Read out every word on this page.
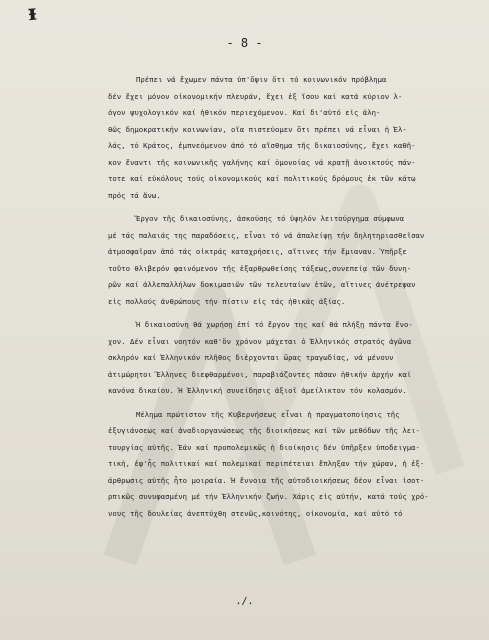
ᵻ
- 8 -
Πρέπει νά ἔχωμεν πάντα ὑπ'ὄψιν ὅτι τό κοινωνικόν πρόβλημα
δέν ἔχει μόνον οἰκονομικήν πλευράν, ἔχει ἐξ ἴσου καί κατά κύριον λ-
όγον ψυχολογικόν καί ἠθικόν περιεχόμενον. Καί δι'αὐτό εἰς ἀλη-
θῶς δημοκρατικήν κοινωνίαν, οἵα πιστεύομεν ὅτι πρέπει νά εἶναι ἡ Ἑλ-
λάς, τό Κράτος, ἐμπνεόμενον ἀπό τό αἴσθημα τῆς δικαιοσύνης, ἔχει καθῆ-
κον ἔναντι τῆς κοινωνικῆς γαλήνης καί ὁμονοίας νά κρατῇ ἀνοικτούς πάν-
τοτε καί εὐκόλους τούς οἰκονομικούς καί πολιτικούς δρόμους ἐκ τῶν κάτω
πρός τά ἄνω.
Ἔργον τῆς δικαιοσύνης, ἀσκούσης τό ὑψηλόν λειτούργημα σύμφωνα
μέ τάς παλαιάς της παραδόσεις, εἶναι τό νά ἀπαλείψῃ τήν δηλητηριασθεῖσαν
ἀτμοσφαῖραν ἀπό τάς οἰκτράς καταχρήσεις, αἵτινες τήν ἔμιαναν. Ὑπῆρξε
τοῦτο θλιβερόν φαινόμενον τῆς ἐξαρθρωθείσης τάξεως,συνεπείᾳ τῶν δυνη-
ρῶν καί ἀλλεπαλλήλων δοκιμασιῶν τῶν τελευταίων ἐτῶν, αἵτινες ἀνέτρεψαν
εἰς πολλούς ἀνθρώπους τήν πίστιν εἰς τάς ἠθικάς ἀξίας.
Ἡ δικαιοσύνη θά χωρήσῃ ἐπί τό ἔργον της καί θά πλήξῃ πάντα ἔνο-
χον. Δέν εἶναι νοητόν καθ'ὅν χρόνον μάχεται ὁ Ἑλληνικός στρατός ἀγῶνα
σκληρόν καί Ἑλληνικόν πλῆθος διέρχονται ὥρας τραγωδίας, νά μένουν
ἀτιμώρητοι Ἕλληνες διεφθαρμένοι, παραβιάζοντες πᾶσαν ἠθικήν ἀρχήν καί
κανόνα δικαίου. Ἡ Ἑλληνική συνείδησις ἀξιοῖ ἀμείλικτον τόν κολασμόν.
Μέλημα πρώτιστον τῆς Κυβερνήσεως εἶναι ἡ πραγματοποίησις τῆς
ἐξυγιάνσεως καί ἀναδιοργανώσεως τῆς διοικήσεως καί τῶν μεθόδων τῆς λει-
τουργίας αὐτῆς. Ἐάν καί προπολεμικῶς ἡ διοίκησις δέν ὑπῆρξεν ὑποδειγμα-
τική, ἐφ'ἧς πολιτικαί καί πολεμικαί περιπέτειαι ἔπληξαν τήν χώραν, ἡ ἐξ-
άρθρωσις αὐτῆς ἦτο μοιραία. Ἡ ἔννοια τῆς αὐτοδιοικήσεως δέον εἶναι ἰσοτ-
ρπικῶς συνυφασμένη μέ τήν Ἑλληνικήν ζωήν. Χάρις εἰς αὐτήν, κατά τούς χρό-
νους τῆς δουλείας ἀνεπτύχθη στενῶς,κοινότης, οἰκονομία, καί αὐτό τό
./.
